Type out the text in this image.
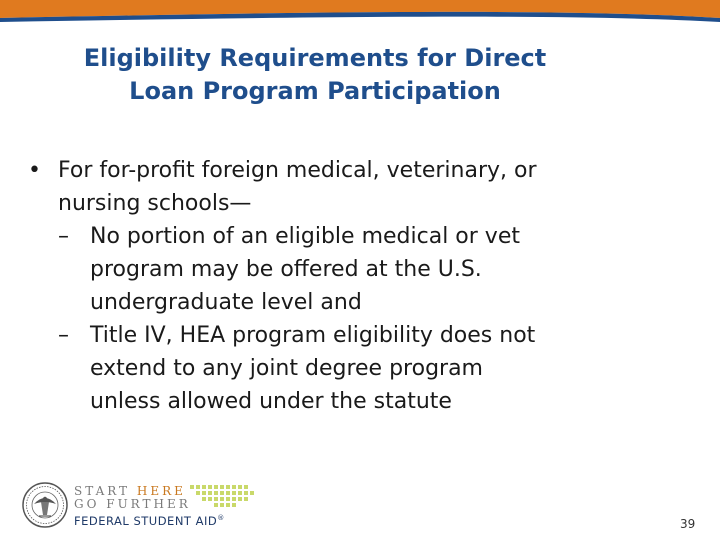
Eligibility Requirements for Direct
Loan Program Participation
• For for-profit foreign medical, veterinary, or
nursing schools—
– No portion of an eligible medical or vet
program may be offered at the U.S.
undergraduate level and
– Title IV, HEA program eligibility does not
extend to any joint degree program
unless allowed under the statute
START HERE
GO FURTHER
FEDERAL STUDENT AID®	39
